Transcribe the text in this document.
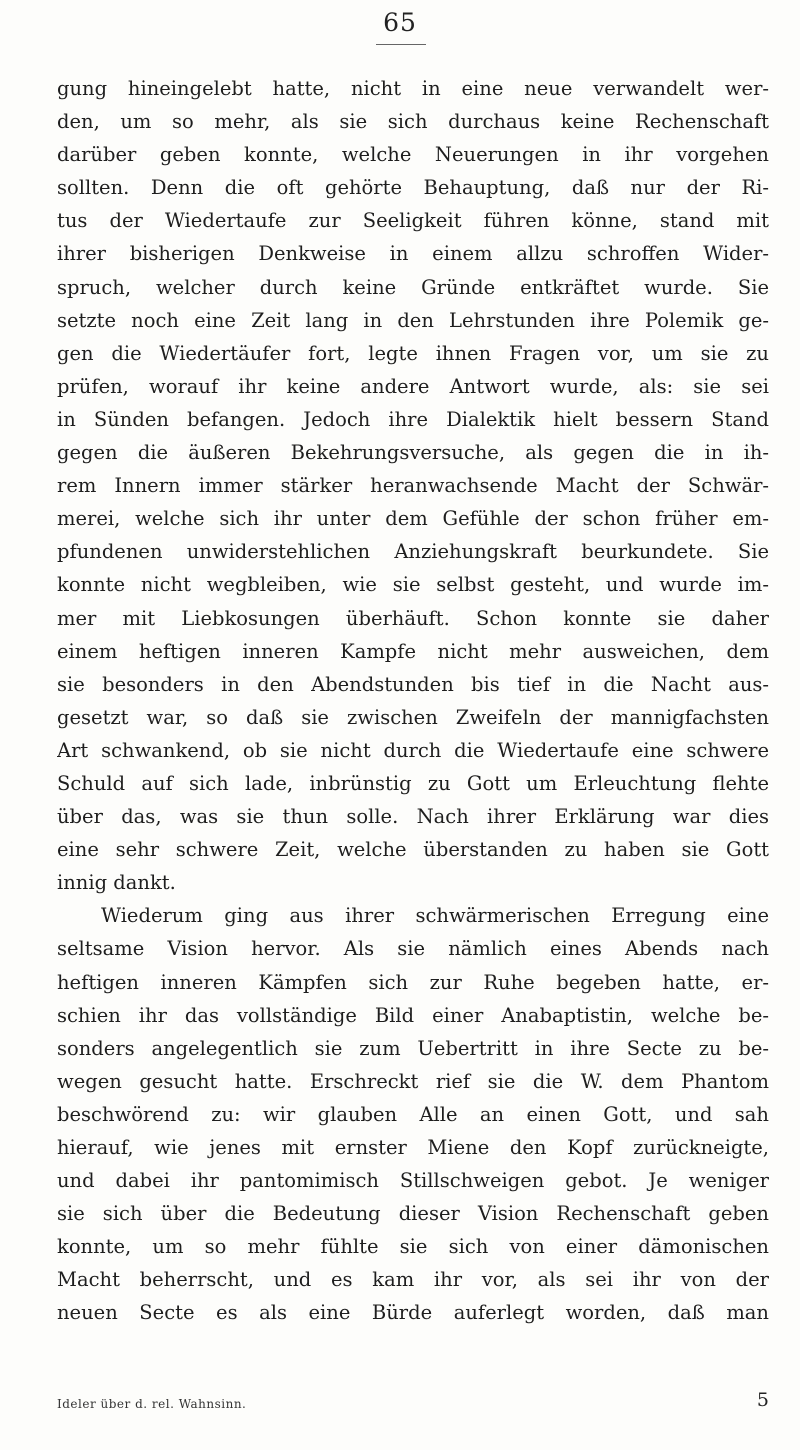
65
gung hineingelebt hatte, nicht in eine neue verwandelt wer-
den, um so mehr, als sie sich durchaus keine Rechenschaft
darüber geben konnte, welche Neuerungen in ihr vorgehen
sollten. Denn die oft gehörte Behauptung, daß nur der Ri-
tus der Wiedertaufe zur Seeligkeit führen könne, stand mit
ihrer bisherigen Denkweise in einem allzu schroffen Wider-
spruch, welcher durch keine Gründe entkräftet wurde. Sie
setzte noch eine Zeit lang in den Lehrstunden ihre Polemik ge-
gen die Wiedertäufer fort, legte ihnen Fragen vor, um sie zu
prüfen, worauf ihr keine andere Antwort wurde, als: sie sei
in Sünden befangen. Jedoch ihre Dialektik hielt bessern Stand
gegen die äußeren Bekehrungsversuche, als gegen die in ih-
rem Innern immer stärker heranwachsende Macht der Schwär-
merei, welche sich ihr unter dem Gefühle der schon früher em-
pfundenen unwiderstehlichen Anziehungskraft beurkundete. Sie
konnte nicht wegbleiben, wie sie selbst gesteht, und wurde im-
mer mit Liebkosungen überhäuft. Schon konnte sie daher
einem heftigen inneren Kampfe nicht mehr ausweichen, dem
sie besonders in den Abendstunden bis tief in die Nacht aus-
gesetzt war, so daß sie zwischen Zweifeln der mannigfachsten
Art schwankend, ob sie nicht durch die Wiedertaufe eine schwere
Schuld auf sich lade, inbrünstig zu Gott um Erleuchtung flehte
über das, was sie thun solle. Nach ihrer Erklärung war dies
eine sehr schwere Zeit, welche überstanden zu haben sie Gott
innig dankt.
Wiederum ging aus ihrer schwärmerischen Erregung eine
seltsame Vision hervor. Als sie nämlich eines Abends nach
heftigen inneren Kämpfen sich zur Ruhe begeben hatte, er-
schien ihr das vollständige Bild einer Anabaptistin, welche be-
sonders angelegentlich sie zum Uebertritt in ihre Secte zu be-
wegen gesucht hatte. Erschreckt rief sie die W. dem Phantom
beschwörend zu: wir glauben Alle an einen Gott, und sah
hierauf, wie jenes mit ernster Miene den Kopf zurückneigte,
und dabei ihr pantomimisch Stillschweigen gebot. Je weniger
sie sich über die Bedeutung dieser Vision Rechenschaft geben
konnte, um so mehr fühlte sie sich von einer dämonischen
Macht beherrscht, und es kam ihr vor, als sei ihr von der
neuen Secte es als eine Bürde auferlegt worden, daß man
Ideler über d. rel. Wahnsinn.	5
